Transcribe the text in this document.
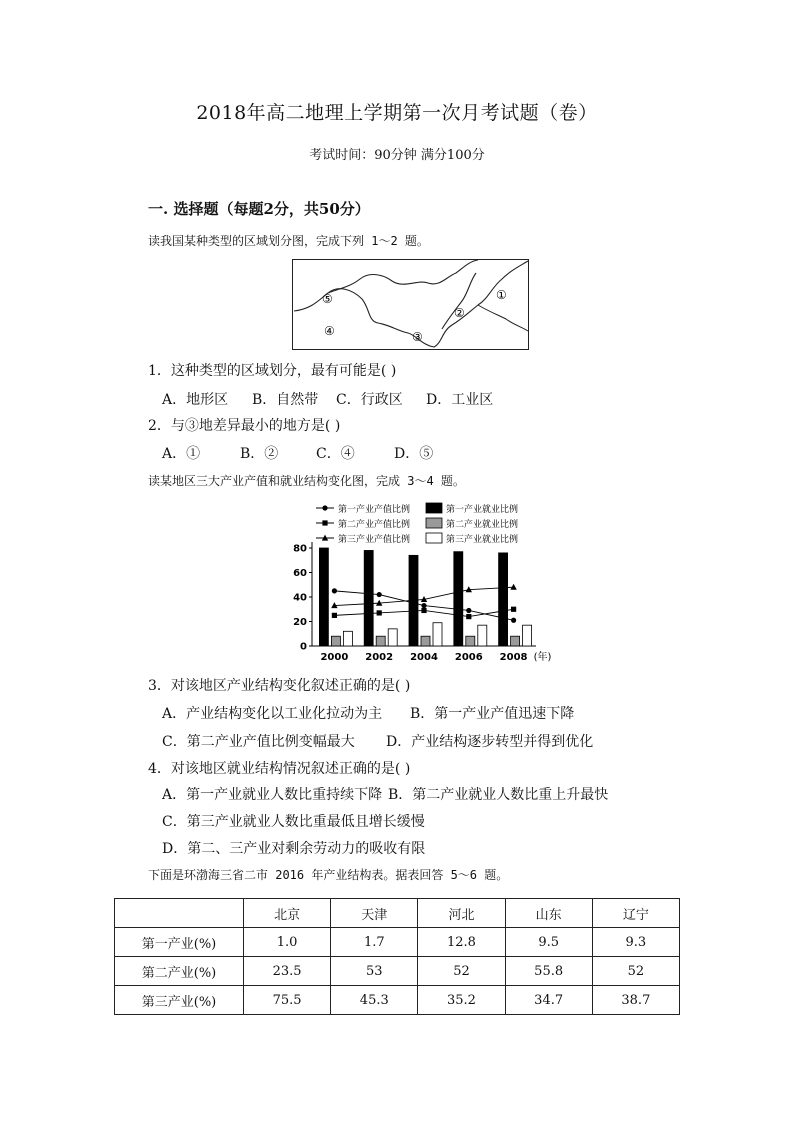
2018年高二地理上学期第一次月考试题（卷）
考试时间：90分钟 满分100分
一. 选择题（每题2分，共50分）
读我国某种类型的区域划分图，完成下列 1～2 题。
①
②
③
④
⑤
1．这种类型的区域划分，最有可能是( )
A．地形区 B．自然带 C．行政区 D．工业区
2．与③地差异最小的地方是( )
A．①	B．②	C．④	D．⑤
读某地区三大产业产值和就业结构变化图，完成 3～4 题。
第一产业产值比例	第一产业就业比例
第二产业产值比例	第二产业就业比例
第三产业产值比例	第三产业就业比例
0
20
40
60
80
2000 2002 2004 2006 2008 (年)
3．对该地区产业结构变化叙述正确的是( )
A．产业结构变化以工业化拉动为主 B．第一产业产值迅速下降
C．第二产业产值比例变幅最大 D．产业结构逐步转型并得到优化
4．对该地区就业结构情况叙述正确的是( )
A．第一产业就业人数比重持续下降 B．第二产业就业人数比重上升最快
C．第三产业就业人数比重最低且增长缓慢
D．第二、三产业对剩余劳动力的吸收有限
下面是环渤海三省二市 2016 年产业结构表。据表回答 5～6 题。
	北京	天津	河北	山东	辽宁
第一产业(%)	1.0	1.7	12.8	9.5	9.3
第二产业(%)	23.5	53	52	55.8	52
第三产业(%)	75.5	45.3	35.2	34.7	38.7
